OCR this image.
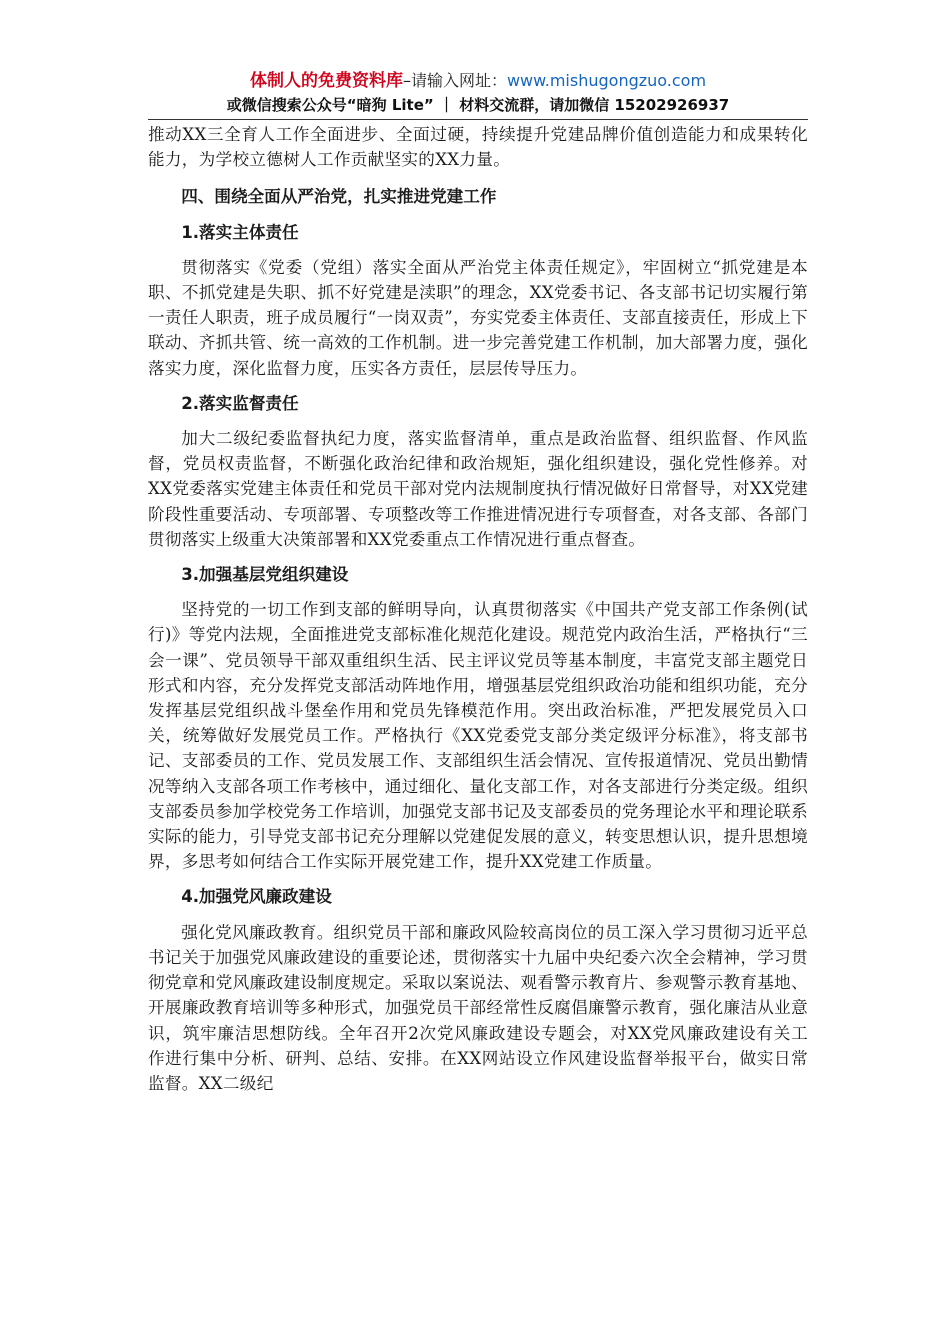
体制人的免费资料库–请输入网址：www.mishugongzuo.com
或微信搜索公众号“暗狗 Lite” ｜ 材料交流群，请加微信 15202926937

推动XX三全育人工作全面进步、全面过硬，持续提升党建品牌价值创造能力和成果转化能力，为学校立德树人工作贡献坚实的XX力量。

四、围绕全面从严治党，扎实推进党建工作

1.落实主体责任

贯彻落实《党委（党组）落实全面从严治党主体责任规定》，牢固树立“抓党建是本职、不抓党建是失职、抓不好党建是渎职”的理念，XX党委书记、各支部书记切实履行第一责任人职责，班子成员履行“一岗双责”，夯实党委主体责任、支部直接责任，形成上下联动、齐抓共管、统一高效的工作机制。进一步完善党建工作机制，加大部署力度，强化落实力度，深化监督力度，压实各方责任，层层传导压力。

2.落实监督责任

加大二级纪委监督执纪力度，落实监督清单，重点是政治监督、组织监督、作风监督，党员权责监督，不断强化政治纪律和政治规矩，强化组织建设，强化党性修养。对XX党委落实党建主体责任和党员干部对党内法规制度执行情况做好日常督导，对XX党建阶段性重要活动、专项部署、专项整改等工作推进情况进行专项督查，对各支部、各部门贯彻落实上级重大决策部署和XX党委重点工作情况进行重点督查。

3.加强基层党组织建设

坚持党的一切工作到支部的鲜明导向，认真贯彻落实《中国共产党支部工作条例(试行)》等党内法规，全面推进党支部标准化规范化建设。规范党内政治生活，严格执行“三会一课”、党员领导干部双重组织生活、民主评议党员等基本制度，丰富党支部主题党日形式和内容，充分发挥党支部活动阵地作用，增强基层党组织政治功能和组织功能，充分发挥基层党组织战斗堡垒作用和党员先锋模范作用。突出政治标准，严把发展党员入口关，统筹做好发展党员工作。严格执行《XX党委党支部分类定级评分标准》，将支部书记、支部委员的工作、党员发展工作、支部组织生活会情况、宣传报道情况、党员出勤情况等纳入支部各项工作考核中，通过细化、量化支部工作，对各支部进行分类定级。组织支部委员参加学校党务工作培训，加强党支部书记及支部委员的党务理论水平和理论联系实际的能力，引导党支部书记充分理解以党建促发展的意义，转变思想认识，提升思想境界，多思考如何结合工作实际开展党建工作，提升XX党建工作质量。

4.加强党风廉政建设

强化党风廉政教育。组织党员干部和廉政风险较高岗位的员工深入学习贯彻习近平总书记关于加强党风廉政建设的重要论述，贯彻落实十九届中央纪委六次全会精神，学习贯彻党章和党风廉政建设制度规定。采取以案说法、观看警示教育片、参观警示教育基地、开展廉政教育培训等多种形式，加强党员干部经常性反腐倡廉警示教育，强化廉洁从业意识，筑牢廉洁思想防线。全年召开2次党风廉政建设专题会，对XX党风廉政建设有关工作进行集中分析、研判、总结、安排。在XX网站设立作风建设监督举报平台，做实日常监督。XX二级纪
